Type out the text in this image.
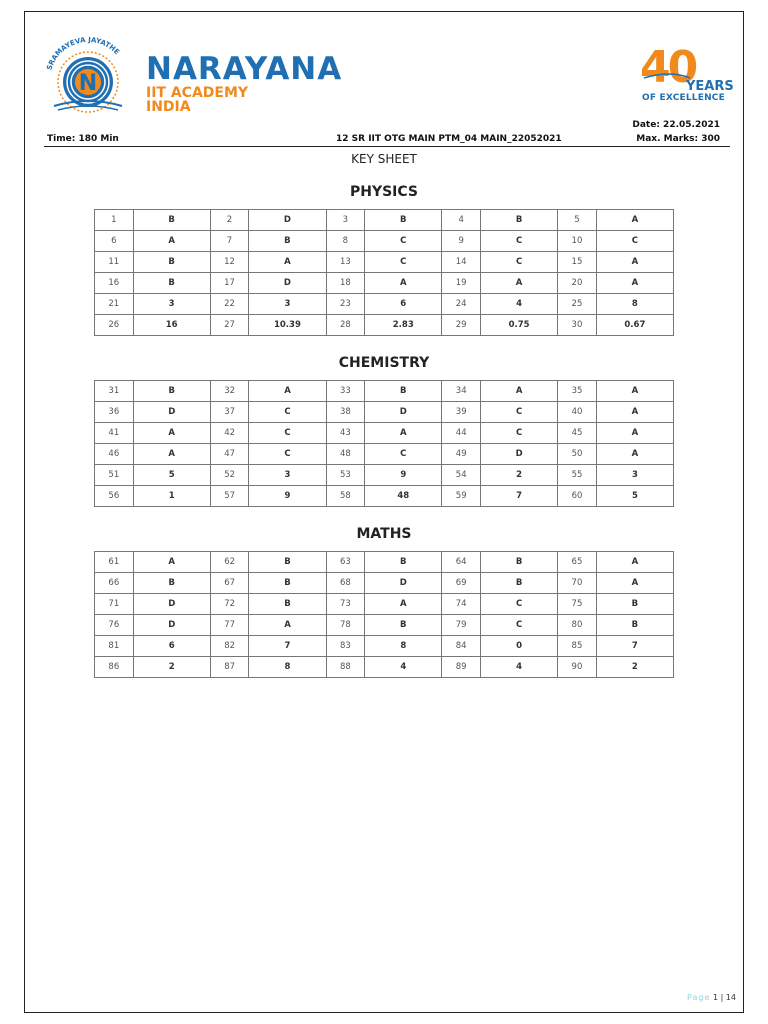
SRAMAYEVA JAYATHE
N NARAYANA
IIT ACADEMY
INDIA
40
YEARS
OF EXCELLENCE
Date: 22.05.2021
Time: 180 Min	12 SR IIT OTG MAIN PTM_04 MAIN_22052021	Max. Marks: 300
KEY SHEET
PHYSICS
1	B	2	D	3	B	4	B	5	A
6	A	7	B	8	C	9	C	10	C
11	B	12	A	13	C	14	C	15	A
16	B	17	D	18	A	19	A	20	A
21	3	22	3	23	6	24	4	25	8
26	16	27	10.39	28	2.83	29	0.75	30	0.67
CHEMISTRY
31	B	32	A	33	B	34	A	35	A
36	D	37	C	38	D	39	C	40	A
41	A	42	C	43	A	44	C	45	A
46	A	47	C	48	C	49	D	50	A
51	5	52	3	53	9	54	2	55	3
56	1	57	9	58	48	59	7	60	5
MATHS
61	A	62	B	63	B	64	B	65	A
66	B	67	B	68	D	69	B	70	A
71	D	72	B	73	A	74	C	75	B
76	D	77	A	78	B	79	C	80	B
81	6	82	7	83	8	84	0	85	7
86	2	87	8	88	4	89	4	90	2
Page 1 | 14
